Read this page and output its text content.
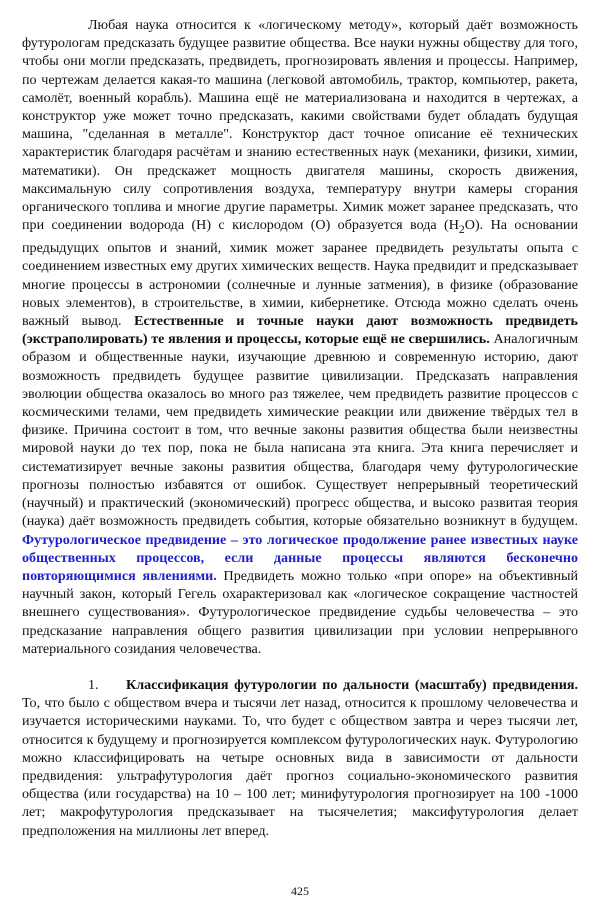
Любая наука относится к «логическому методу», который даёт возможность футурологам предсказать будущее развитие общества. Все науки нужны обществу для того, чтобы они могли предсказать, предвидеть, прогнозировать явления и процессы. Например, по чертежам делается какая-то машина (легковой автомобиль, трактор, компьютер, ракета, самолёт, военный корабль). Машина ещё не материализована и находится в чертежах, а конструктор уже может точно предсказать, какими свойствами будет обладать будущая машина, "сделанная в металле". Конструктор даст точное описание её технических характеристик благодаря расчётам и знанию естественных наук (механики, физики, химии, математики). Он предскажет мощность двигателя машины, скорость движения, максимальную силу сопротивления воздуха, температуру внутри камеры сгорания органического топлива и многие другие параметры. Химик может заранее предсказать, что при соединении водорода (Н) с кислородом (О) образуется вода $(Н_2О)$. На основании предыдущих опытов и знаний, химик может заранее предвидеть результаты опыта с соединением известных ему других химических веществ. Наука предвидит и предсказывает многие процессы в астрономии (солнечные и лунные затмения), в физике (образование новых элементов), в строительстве, в химии, кибернетике. Отсюда можно сделать очень важный вывод. Естественные и точные науки дают возможность предвидеть (экстраполировать) те явления и процессы, которые ещё не свершились. Аналогичным образом и общественные науки, изучающие древнюю и современную историю, дают возможность предвидеть будущее развитие цивилизации. Предсказать направления эволюции общества оказалось во много раз тяжелее, чем предвидеть развитие процессов с космическими телами, чем предвидеть химические реакции или движение твёрдых тел в физике. Причина состоит в том, что вечные законы развития общества были неизвестны мировой науки до тех пор, пока не была написана эта книга. Эта книга перечисляет и систематизирует вечные законы развития общества, благодаря чему футурологические прогнозы полностью избавятся от ошибок. Существует непрерывный теоретический (научный) и практический (экономический) прогресс общества, и высоко развитая теория (наука) даёт возможность предвидеть события, которые обязательно возникнут в будущем. Футурологическое предвидение – это логическое продолжение ранее известных науке общественных процессов, если данные процессы являются бесконечно повторяющимися явлениями. Предвидеть можно только «при опоре» на объективный научный закон, который Гегель охарактеризовал как «логическое сокращение частностей внешнего существования». Футурологическое предвидение судьбы человечества – это предсказание направления общего развития цивилизации при условии непрерывного материального созидания человечества.

1. Классификация футурологии по дальности (масштабу) предвидения. То, что было с обществом вчера и тысячи лет назад, относится к прошлому человечества и изучается историческими науками. То, что будет с обществом завтра и через тысячи лет, относится к будущему и прогнозируется комплексом футурологических наук. Футурологию можно классифицировать на четыре основных вида в зависимости от дальности предвидения: ультрафутурология даёт прогноз социально-экономического развития общества (или государства) на 10 – 100 лет; минифутурология прогнозирует на 100 -1000 лет; макрофутурология предсказывает на тысячелетия; максифутурология делает предположения на миллионы лет вперед.

425
